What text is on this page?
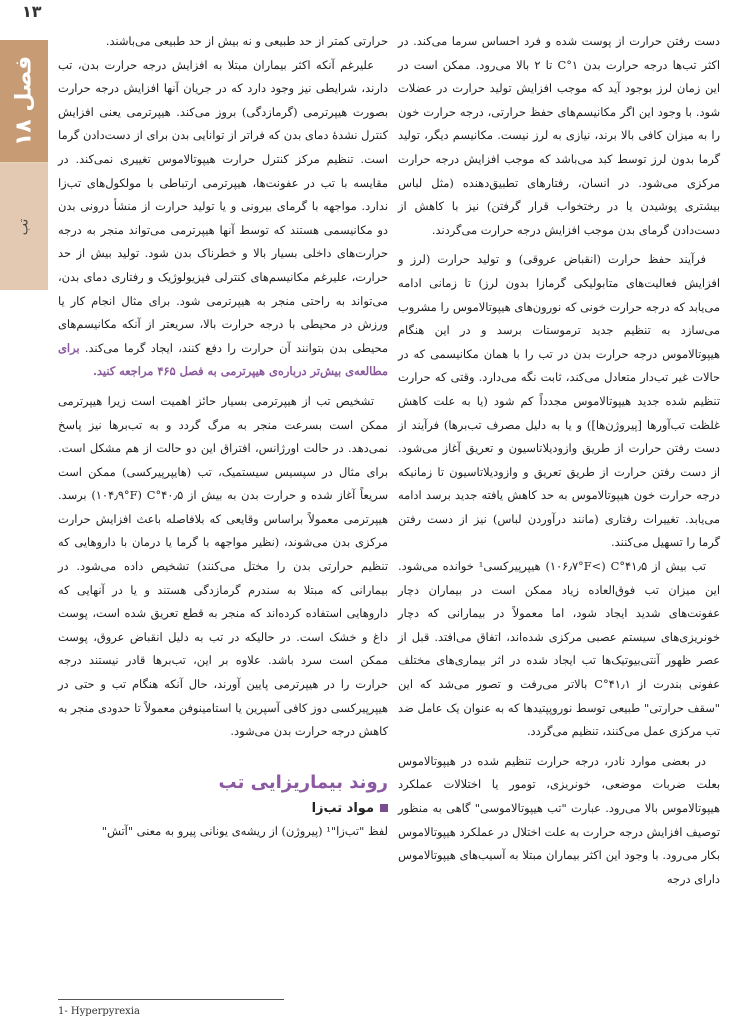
۱۳
فصل ۱۸
تب

دست رفتن حرارت از پوست شده و فرد احساس سرما می‌کند. در اکثر تب‌ها درجه حرارت بدن ۱°C تا ۲ بالا می‌رود. ممکن است در این زمان لرز بوجود آید که موجب افزایش تولید حرارت در عضلات شود. با وجود این اگر مکانیسم‌های حفظ حرارتی، درجه حرارت خون را به میزان کافی بالا برند، نیازی به لرز نیست. مکانیسم دیگر، تولید گرما بدون لرز توسط کبد می‌باشد که موجب افزایش درجه حرارت مرکزی می‌شود. در انسان، رفتارهای تطبیق‌دهنده (مثل لباس بیشتری پوشیدن یا در رختخواب قرار گرفتن) نیز با کاهش از دست‌دادن گرمای بدن موجب افزایش درجه حرارت می‌گردند.

فرآیند حفظ حرارت (انقباض عروقی) و تولید حرارت (لرز و افزایش فعالیت‌های متابولیکی گرمازا بدون لرز) تا زمانی ادامه می‌یابد که درجه حرارت خونی که نورون‌های هیپوتالاموس را مشروب می‌سازد به تنظیم جدید ترموستات برسد و در این هنگام هیپوتالاموس درجه حرارت بدن در تب را با همان مکانیسمی که در حالات غیر تب‌دار متعادل می‌کند، ثابت نگه می‌دارد. وقتی که حرارت تنظیم شده جدید هیپوتالاموس مجدداً کم شود (یا به علت کاهش غلظت تب‌آورها [پیروژن‌ها]) و یا به دلیل مصرف تب‌برها) فرآیند از دست رفتن حرارت از طریق وازودیلاتاسیون و تعریق آغاز می‌شود. از دست رفتن حرارت از طریق تعریق و وازودیلاتاسیون تا زمانیکه درجه حرارت خون هیپوتالاموس به حد کاهش یافته جدید برسد ادامه می‌یابد. تغییرات رفتاری (مانند درآوردن لباس) نیز از دست رفتن گرما را تسهیل می‌کنند.

تب بیش از ۴۱٫۵°C (>۱۰۶٫۷°F) هیپرپیرکسی¹ خوانده می‌شود. این میزان تب فوق‌العاده زیاد ممکن است در بیماران دچار عفونت‌های شدید ایجاد شود، اما معمولاً در بیمارانی که دچار خونریزی‌های سیستم عصبی مرکزی شده‌اند، اتفاق می‌افتد. قبل از عصر ظهور آنتی‌بیوتیک‌ها تب ایجاد شده در اثر بیماری‌های مختلف عفونی بندرت از ۴۱٫۱°C بالاتر می‌رفت و تصور می‌شد که این "سقف حرارتی" طبیعی توسط نوروپپتیدها که به عنوان یک عامل ضد تب مرکزی عمل می‌کنند، تنظیم می‌گردد.

در بعضی موارد نادر، درجه حرارت تنظیم شده در هیپوتالاموس بعلت ضربات موضعی، خونریزی، تومور یا اختلالات عملکرد هیپوتالاموس بالا می‌رود. عبارت "تب هیپوتالاموسی" گاهی به منظور توصیف افزایش درجه حرارت به علت اختلال در عملکرد هیپوتالاموس بکار می‌رود. با وجود این اکثر بیماران مبتلا به آسیب‌های هیپوتالاموس دارای درجه

حرارتی کمتر از حد طبیعی و نه بیش از حد طبیعی می‌باشند.

علیرغم آنکه اکثر بیماران مبتلا به افزایش درجه حرارت بدن، تب دارند، شرایطی نیز وجود دارد که در جریان آنها افزایش درجه حرارت بصورت هیپرترمی (گرمازدگی) بروز می‌کند. هیپرترمی یعنی افزایش کنترل نشدهٔ دمای بدن که فراتر از توانایی بدن برای از دست‌دادن گرما است. تنظیم مرکز کنترل حرارت هیپوتالاموس تغییری نمی‌کند. در مقایسه با تب در عفونت‌ها، هیپرترمی ارتباطی با مولکول‌های تب‌زا ندارد. مواجهه با گرمای بیرونی و یا تولید حرارت از منشأ درونی بدن دو مکانیسمی هستند که توسط آنها هیپرترمی می‌تواند منجر به درجه حرارت‌های داخلی بسیار بالا و خطرناک بدن شود. تولید بیش از حد حرارت، علیرغم مکانیسم‌های کنترلی فیزیولوژیک و رفتاری دمای بدن، می‌تواند به راحتی منجر به هیپرترمی شود. برای مثال انجام کار یا ورزش در محیطی با درجه حرارت بالا، سریعتر از آنکه مکانیسم‌های محیطی بدن بتوانند آن حرارت را دفع کنند، ایجاد گرما می‌کند. برای مطالعه‌ی بیش‌تر درباره‌ی هیپرترمی به فصل ۴۶۵ مراجعه کنید.

تشخیص تب از هیپرترمی بسیار حائز اهمیت است زیرا هیپرترمی ممکن است بسرعت منجر به مرگ گردد و به تب‌برها نیز پاسخ نمی‌دهد. در حالت اورژانس، افتراق این دو حالت از هم مشکل است. برای مثال در سپسیس سیستمیک، تب (هایپرپیرکسی) ممکن است سریعاً آغاز شده و حرارت بدن به بیش از ۴۰٫۵°C (۱۰۴٫۹°F) برسد. هیپرترمی معمولاً براساس وقایعی که بلافاصله باعث افزایش حرارت مرکزی بدن می‌شوند، (نظیر مواجهه با گرما یا درمان با داروهایی که تنظیم حرارتی بدن را مختل می‌کنند) تشخیص داده می‌شود. در بیمارانی که مبتلا به سندرم گرمازدگی هستند و یا در آنهایی که داروهایی استفاده کرده‌اند که منجر به قطع تعریق شده است، پوست داغ و خشک است. در حالیکه در تب به دلیل انقباض عروق، پوست ممکن است سرد باشد. علاوه بر این، تب‌برها قادر نیستند درجه حرارت را در هیپرترمی پایین آورند، حال آنکه هنگام تب و حتی در هیپرپیرکسی دوز کافی آسپرین یا استامینوفن معمولاً تا حدودی منجر به کاهش درجه حرارت بدن می‌شود.

روند بیماریزایی تب
مواد تب‌زا

لفظ "تب‌زا"¹ (پیروژن) از ریشه‌ی یونانی پیرو به معنی "آتش"

1- Hyperpyrexia
